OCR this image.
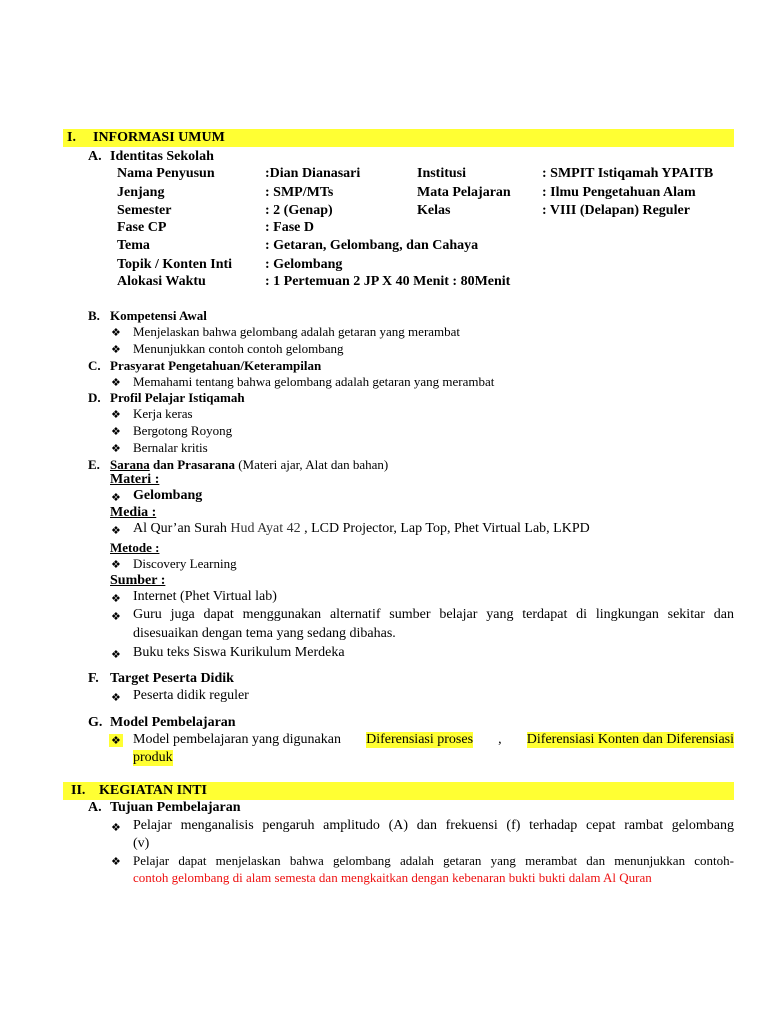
I. INFORMASI UMUM
A. Identitas Sekolah
Nama Penyusun	:Dian Dianasari	Institusi	: SMPIT Istiqamah YPAITB
Jenjang	: SMP/MTs	Mata Pelajaran : Ilmu Pengetahuan Alam
Semester	: 2 (Genap)	Kelas	: VIII (Delapan) Reguler
Fase CP	: Fase D
Tema	: Getaran, Gelombang, dan Cahaya
Topik / Konten Inti : Gelombang
Alokasi Waktu	: 1 Pertemuan 2 JP X 40 Menit : 80Menit
B. Kompetensi Awal
❖ Menjelaskan bahwa gelombang adalah getaran yang merambat
❖ Menunjukkan contoh contoh gelombang
C. Prasyarat Pengetahuan/Keterampilan
❖ Memahami tentang bahwa gelombang adalah getaran yang merambat
D. Profil Pelajar Istiqamah
❖ Kerja keras
❖ Bergotong Royong
❖ Bernalar kritis
E. Sarana dan Prasarana (Materi ajar, Alat dan bahan)
Materi :
❖ Gelombang
Media :
❖ Al Qur’an Surah Hud Ayat 42 , LCD Projector, Lap Top, Phet Virtual Lab, LKPD
Metode :
❖ Discovery Learning
Sumber :
❖ Internet (Phet Virtual lab)
❖ Guru juga dapat menggunakan alternatif sumber belajar yang terdapat di lingkungan sekitar dan
disesuaikan dengan tema yang sedang dibahas.
❖ Buku teks Siswa Kurikulum Merdeka
F. Target Peserta Didik
❖ Peserta didik reguler
G. Model Pembelajaran
❖ Model pembelajaran yang digunakan Diferensiasi proses , Diferensiasi Konten dan Diferensiasi
produk
II. KEGIATAN INTI
A. Tujuan Pembelajaran
❖ Pelajar menganalisis pengaruh amplitudo (A) dan frekuensi (f) terhadap cepat rambat gelombang
(v)
❖ Pelajar dapat menjelaskan bahwa gelombang adalah getaran yang merambat dan menunjukkan contoh-
contoh gelombang di alam semesta dan mengkaitkan dengan kebenaran bukti bukti dalam Al Quran
